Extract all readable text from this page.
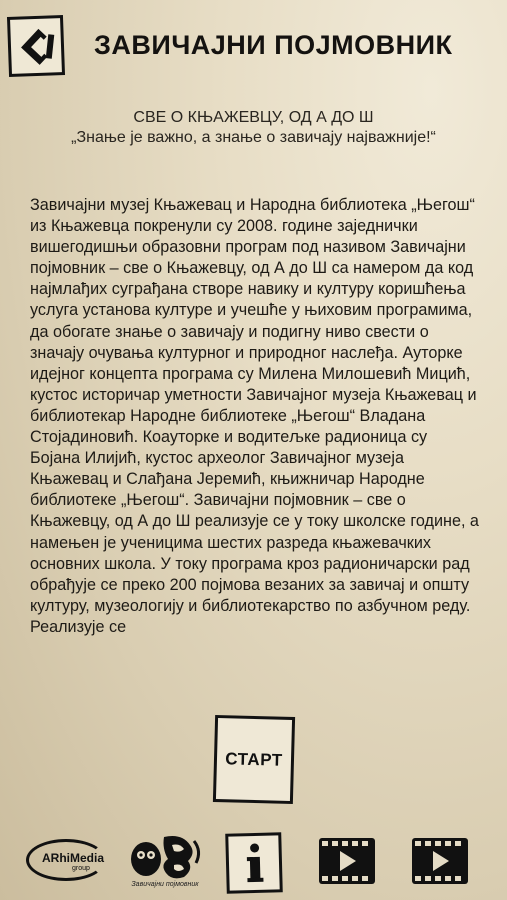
ЗАВИЧАЈНИ ПОЈМОВНИК
СВЕ О КЊАЖЕВЦУ, ОД А ДО Ш
„Знање је важно, а знање о завичају најважније!“
Завичајни музеј Књажевац и Народна библиотека „Његош“ из Књажевца покренули су 2008. године заједнички вишегодишњи образовни програм под називом Завичајни појмовник – све о Књажевцу, од А до Ш са намером да код најмлађих суграђана створе навику и културу коришћења услуга установа културе и учешће у њиховим програмима, да обогате знање о завичају и подигну ниво свести о значају очувања културног и природног наслеђа. Ауторке идејног концепта програма су Милена Милошевић Мицић, кустос историчар уметности Завичајног музеја Књажевац и библиотекар Народне библиотеке „Његош“ Владана Стојадиновић. Коауторке и водитељке радионица су Бојана Илијић, кустос археолог Завичајног музеја Књажевац и Слађана Јеремић, књижничар Народне библиотеке „Његош“. Завичајни појмовник – све о Књажевцу, од А до Ш реализује се у току школске године, а намењен је ученицима шестих разреда књажевачких основних школа. У току програма кроз радионичарски рад обрађује се преко 200 појмова везаних за завичај и општу културу, музеологију и библиотекарство по азбучном реду. Реализује се
СТАРТ
ARhiMedia
group
Завичајни појмовник
